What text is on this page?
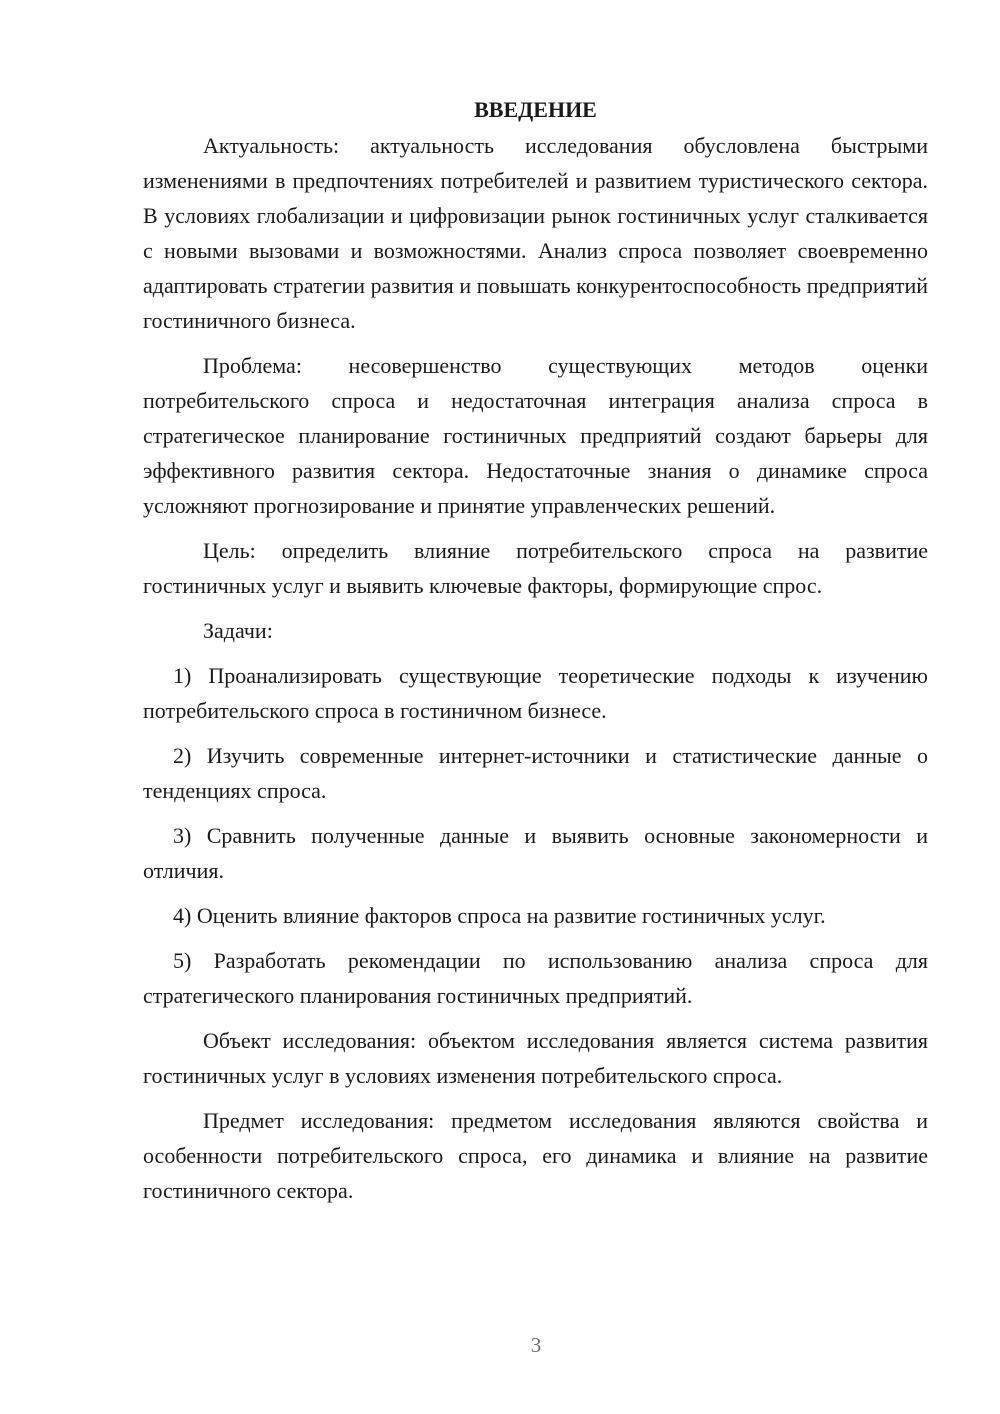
ВВЕДЕНИЕ

Актуальность: актуальность исследования обусловлена быстрыми изменениями в предпочтениях потребителей и развитием туристического сектора. В условиях глобализации и цифровизации рынок гостиничных услуг сталкивается с новыми вызовами и возможностями. Анализ спроса позволяет своевременно адаптировать стратегии развития и повышать конкурентоспособность предприятий гостиничного бизнеса.

Проблема: несовершенство существующих методов оценки потребительского спроса и недостаточная интеграция анализа спроса в стратегическое планирование гостиничных предприятий создают барьеры для эффективного развития сектора. Недостаточные знания о динамике спроса усложняют прогнозирование и принятие управленческих решений.

Цель: определить влияние потребительского спроса на развитие гостиничных услуг и выявить ключевые факторы, формирующие спрос.

Задачи:

1) Проанализировать существующие теоретические подходы к изучению потребительского спроса в гостиничном бизнесе.

2) Изучить современные интернет-источники и статистические данные о тенденциях спроса.

3) Сравнить полученные данные и выявить основные закономерности и отличия.

4) Оценить влияние факторов спроса на развитие гостиничных услуг.

5) Разработать рекомендации по использованию анализа спроса для стратегического планирования гостиничных предприятий.

Объект исследования: объектом исследования является система развития гостиничных услуг в условиях изменения потребительского спроса.

Предмет исследования: предметом исследования являются свойства и особенности потребительского спроса, его динамика и влияние на развитие гостиничного сектора.

3
